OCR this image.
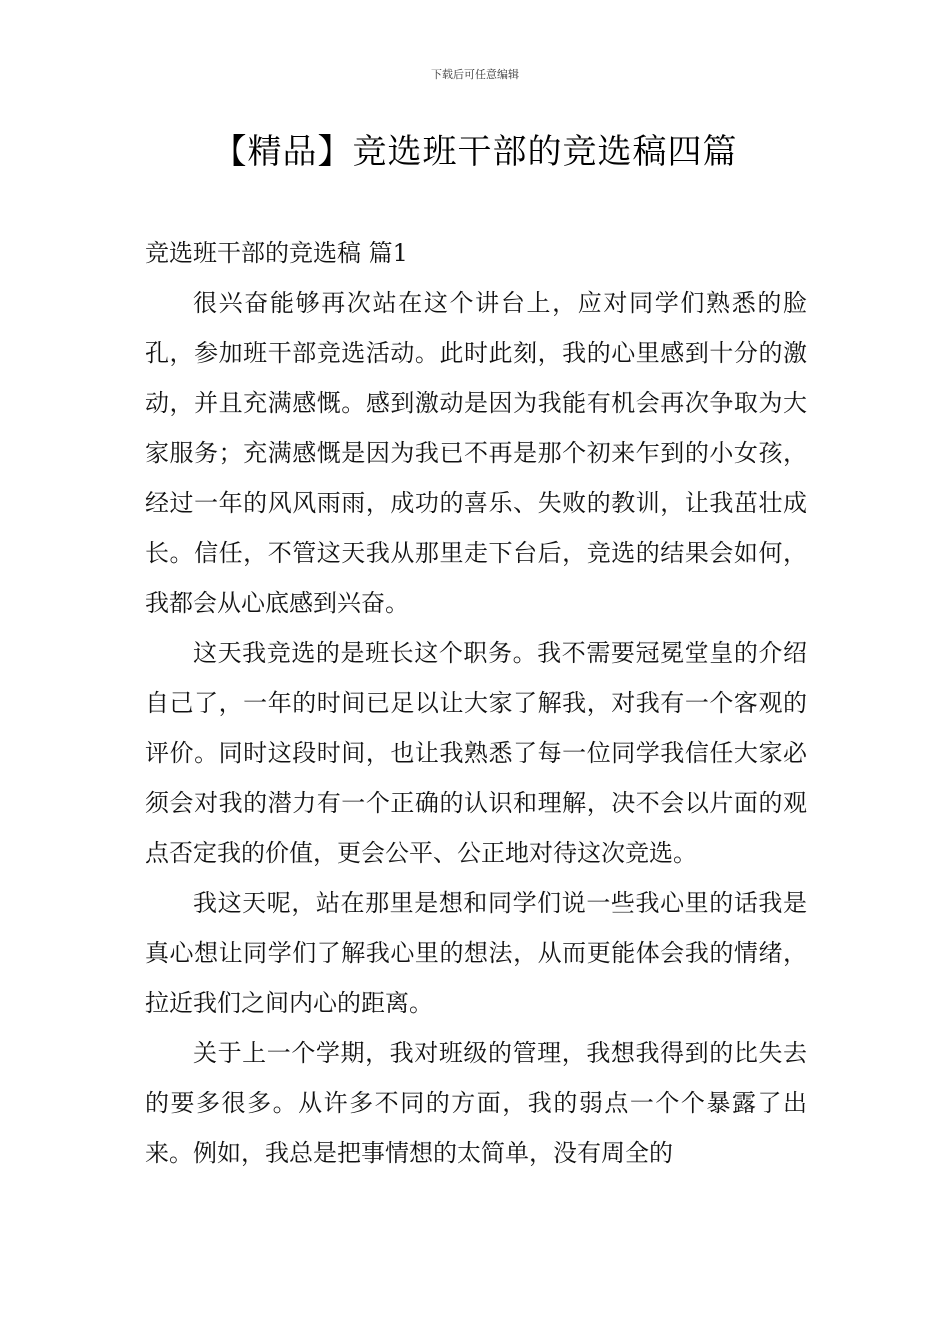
下载后可任意编辑
【精品】竞选班干部的竞选稿四篇
竞选班干部的竞选稿 篇1

很兴奋能够再次站在这个讲台上，应对同学们熟悉的脸孔，参加班干部竞选活动。此时此刻，我的心里感到十分的激动，并且充满感慨。感到激动是因为我能有机会再次争取为大家服务；充满感慨是因为我已不再是那个初来乍到的小女孩，经过一年的风风雨雨，成功的喜乐、失败的教训，让我茁壮成长。信任，不管这天我从那里走下台后，竞选的结果会如何，我都会从心底感到兴奋。

这天我竞选的是班长这个职务。我不需要冠冕堂皇的介绍自己了，一年的时间已足以让大家了解我，对我有一个客观的评价。同时这段时间，也让我熟悉了每一位同学我信任大家必须会对我的潜力有一个正确的认识和理解，决不会以片面的观点否定我的价值，更会公平、公正地对待这次竞选。

我这天呢，站在那里是想和同学们说一些我心里的话我是真心想让同学们了解我心里的想法，从而更能体会我的情绪，拉近我们之间内心的距离。

关于上一个学期，我对班级的管理，我想我得到的比失去的要多很多。从许多不同的方面，我的弱点一个个暴露了出来。例如，我总是把事情想的太简单，没有周全的
